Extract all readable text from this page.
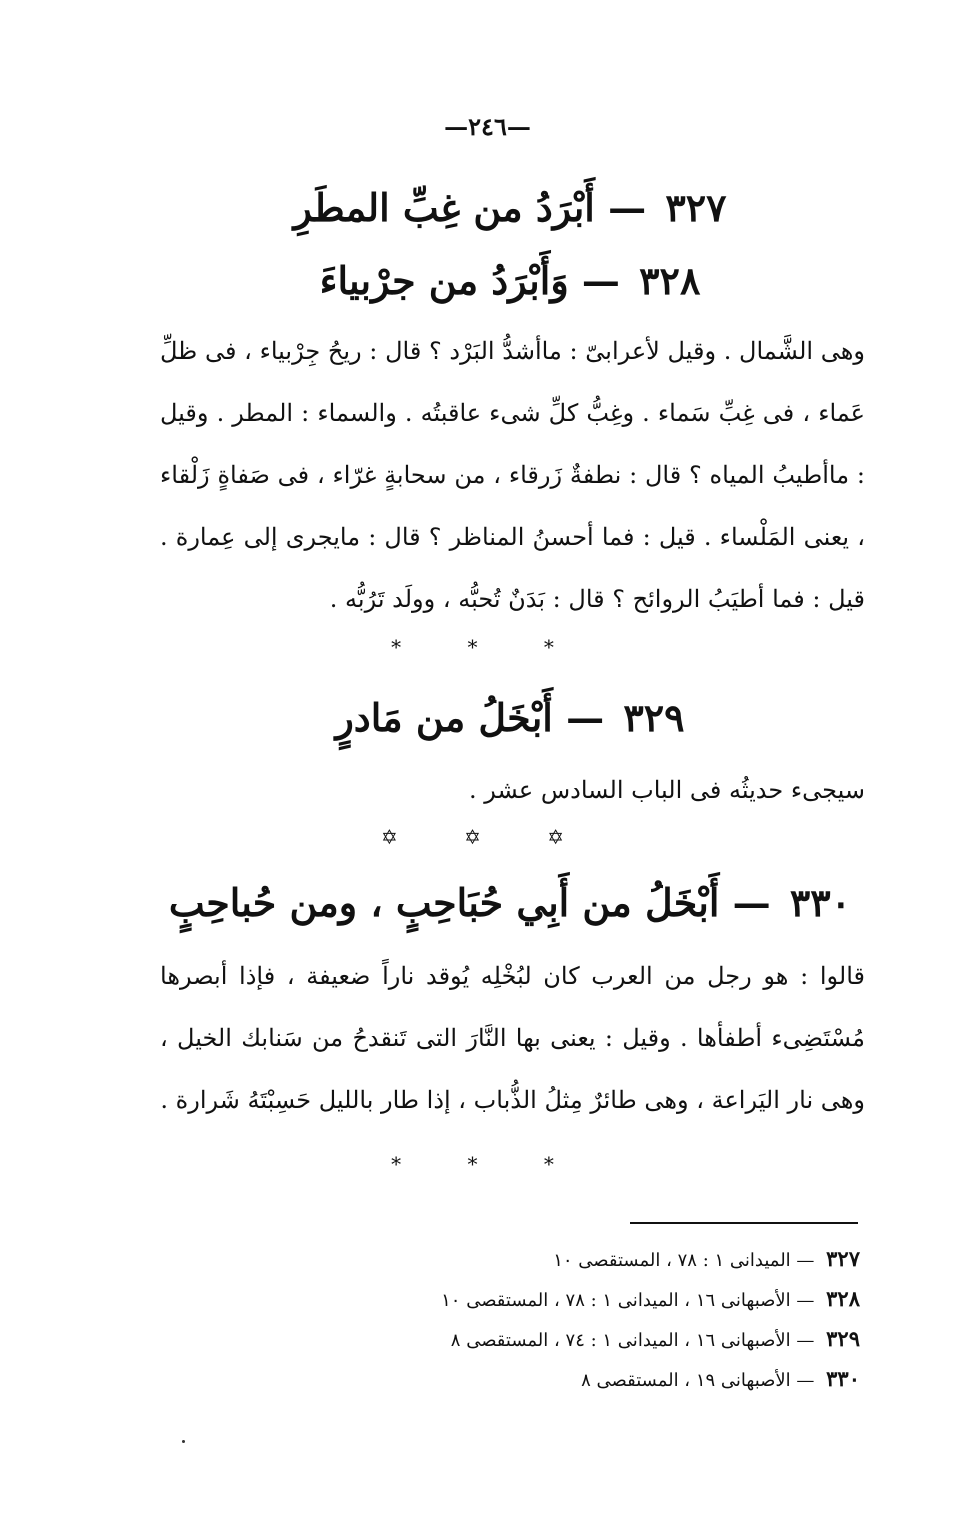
—٢٤٦—
٣٢٧ — أَبْرَدُ من غِبِّ المطَرِ
٣٢٨ — وَأَبْرَدُ من جرْبياءَ
وهى الشَّمال . وقيل لأعرابىّ : ماأشدُّ البَرْد ؟ قال : ريحُ جِرْبياء ، فى ظلِّ عَماء ، فى غِبِّ سَماء . وغِبُّ كلِّ شىء عاقبتُه . والسماء : المطر . وقيل : ماأطيبُ المياه ؟ قال : نطفةٌ زَرقاء ، من سحابةٍ غرّاء ، فى صَفاةٍ زَلْقاء ، يعنى المَلْساء . قيل : فما أحسنُ المناظر ؟ قال : مايجرى إلى عِمارة . قيل : فما أطيَبُ الروائح ؟ قال : بَدَنٌ تُحبُّه ، وولَد تَرُبُّه .
* * *
٣٢٩ — أَبْخَلُ من مَادرٍ
سيجىء حديثُه فى الباب السادس عشر .
✡ ✡ ✡
٣٣٠ — أَبْخَلُ من أَبِي حُبَاحِبٍ ، ومن حُباحِبٍ
قالوا : هو رجل من العرب كان لبُخْلِه يُوقد ناراً ضعيفة ، فإذا أبصرها مُسْتَضِىء أطفأها . وقيل : يعنى بها النَّارَ التى تَنقدحُ من سَنابك الخيل ، وهى نار اليَراعة ، وهى طائرٌ مِثلُ الذُّباب ، إذا طار بالليل حَسِبْتَهُ شَرارة .
* * *
٣٢٧ — الميدانى ١ : ٧٨ ، المستقصى ١٠
٣٢٨ — الأصبهانى ١٦ ، الميدانى ١ : ٧٨ ، المستقصى ١٠
٣٢٩ — الأصبهانى ١٦ ، الميدانى ١ : ٧٤ ، المستقصى ٨
٣٣٠ — الأصبهانى ١٩ ، المستقصى ٨
